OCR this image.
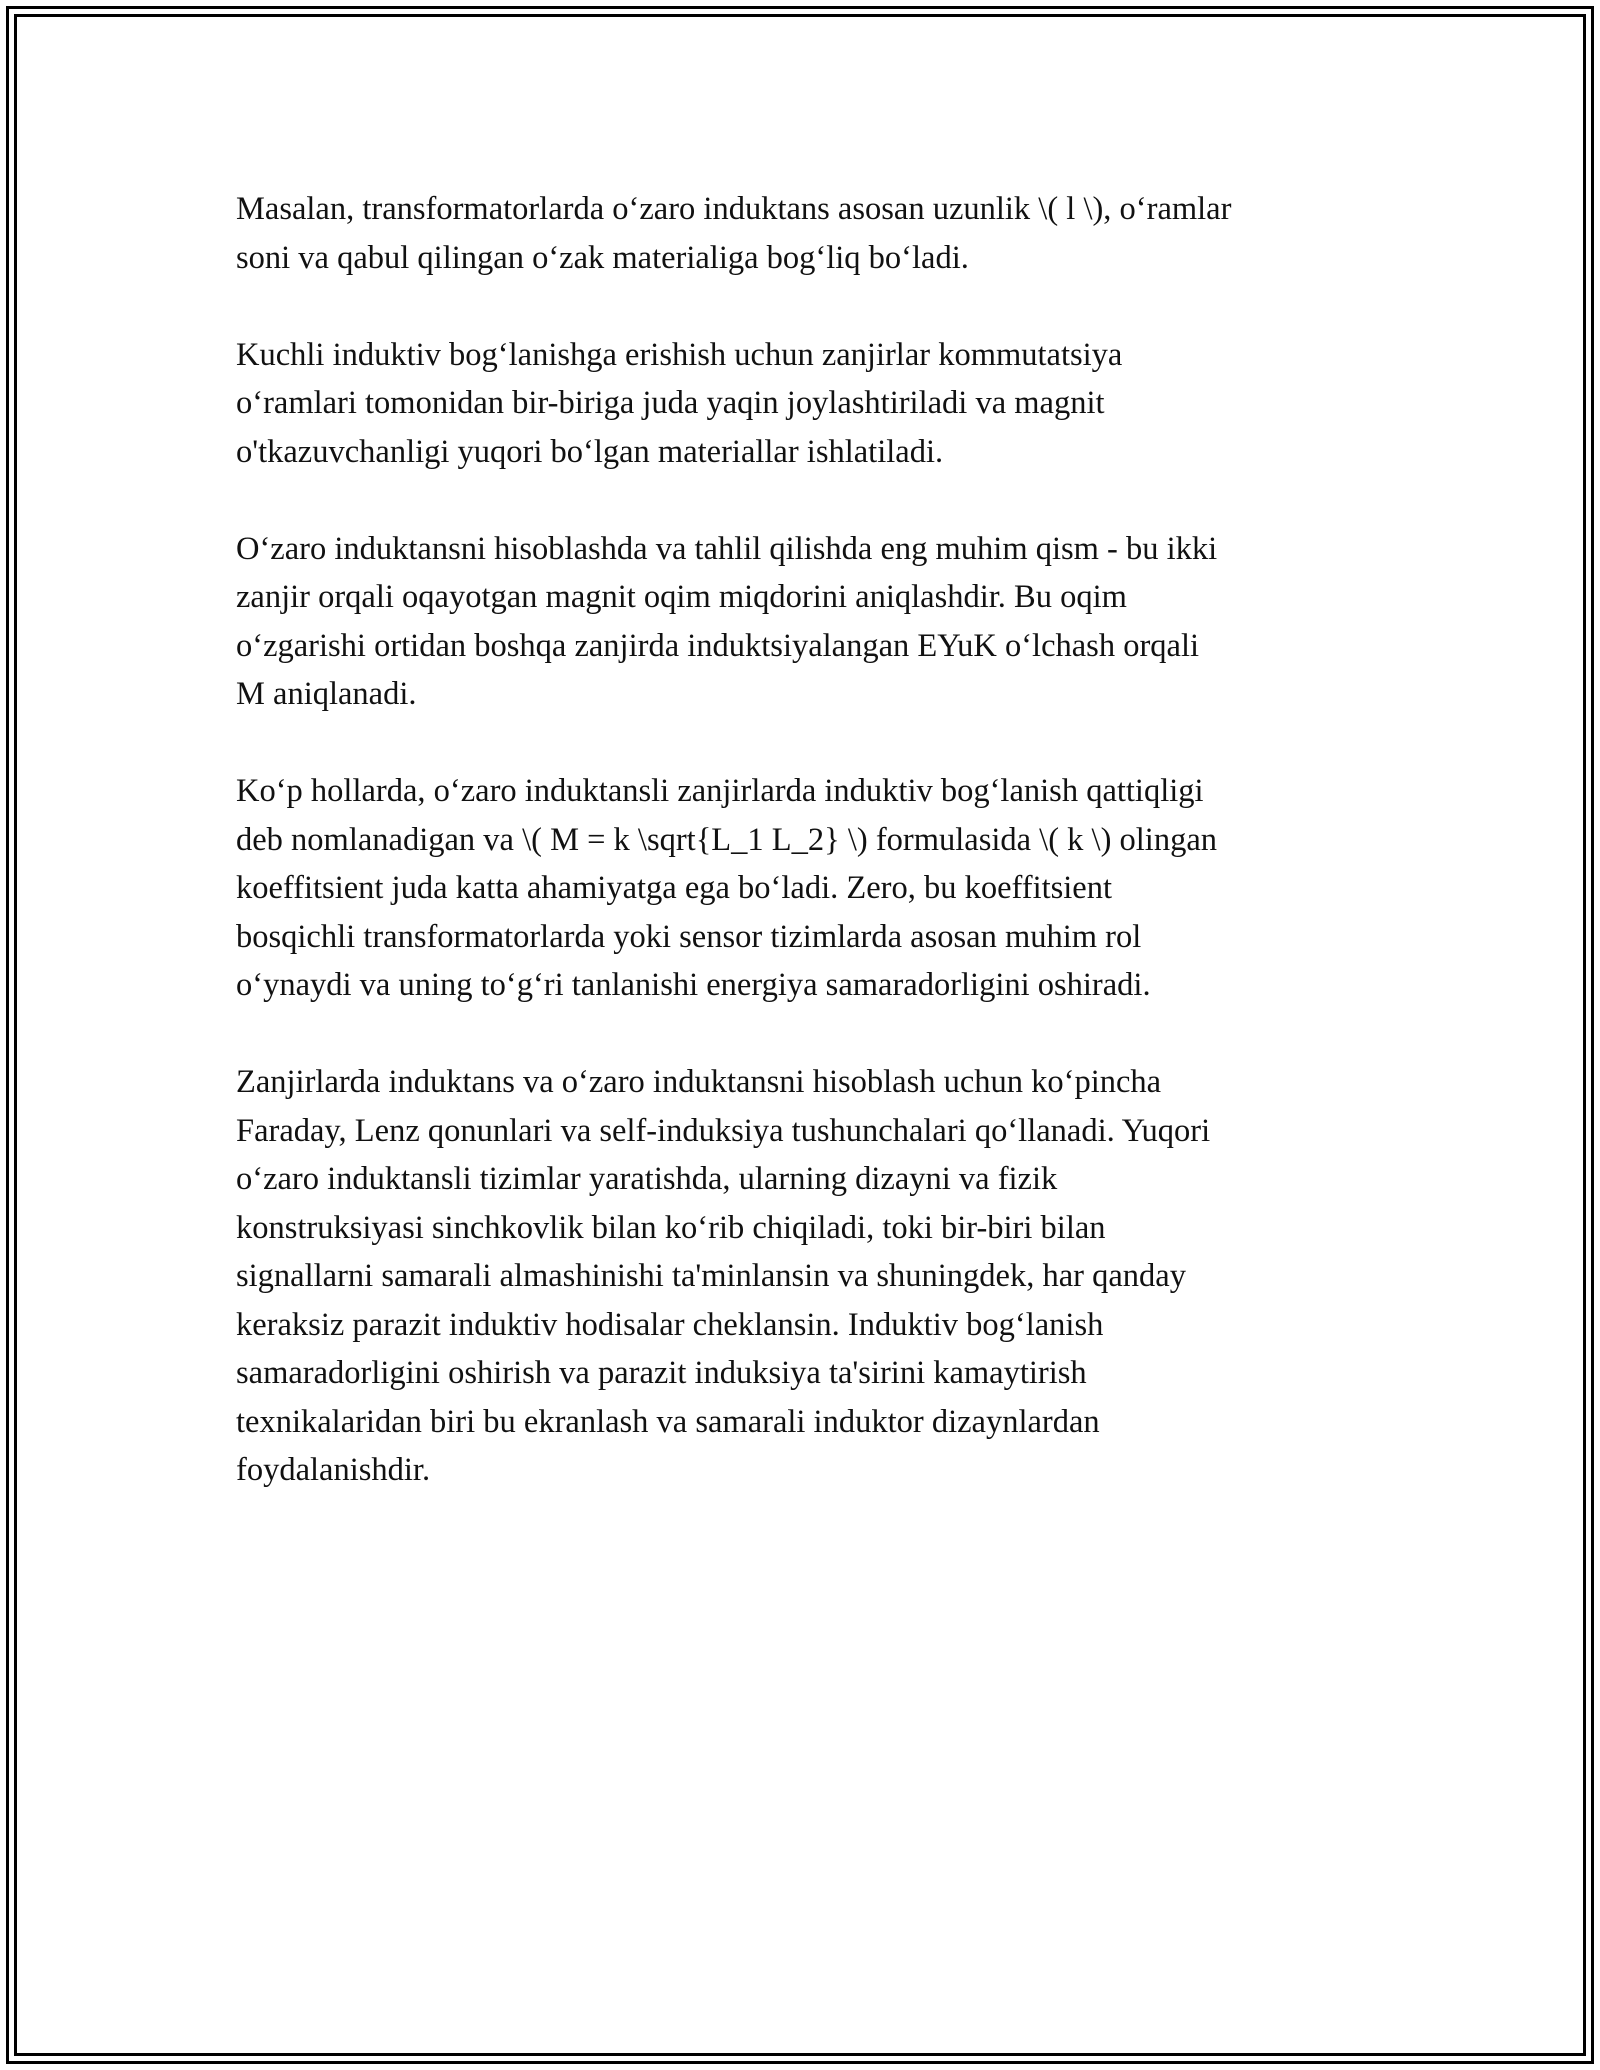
Masalan, transformatorlarda o‘zaro induktans asosan uzunlik \( l \), o‘ramlar
soni va qabul qilingan o‘zak materialiga bog‘liq bo‘ladi.

Kuchli induktiv bog‘lanishga erishish uchun zanjirlar kommutatsiya
o‘ramlari tomonidan bir-biriga juda yaqin joylashtiriladi va magnit
o'tkazuvchanligi yuqori bo‘lgan materiallar ishlatiladi.

O‘zaro induktansni hisoblashda va tahlil qilishda eng muhim qism - bu ikki
zanjir orqali oqayotgan magnit oqim miqdorini aniqlashdir. Bu oqim
o‘zgarishi ortidan boshqa zanjirda induktsiyalangan EYuK o‘lchash orqali
M aniqlanadi.

Ko‘p hollarda, o‘zaro induktansli zanjirlarda induktiv bog‘lanish qattiqligi
deb nomlanadigan va \( M = k \sqrt{L_1 L_2} \) formulasida \( k \) olingan
koeffitsient juda katta ahamiyatga ega bo‘ladi. Zero, bu koeffitsient
bosqichli transformatorlarda yoki sensor tizimlarda asosan muhim rol
o‘ynaydi va uning to‘g‘ri tanlanishi energiya samaradorligini oshiradi.

Zanjirlarda induktans va o‘zaro induktansni hisoblash uchun ko‘pincha
Faraday, Lenz qonunlari va self-induksiya tushunchalari qo‘llanadi. Yuqori
o‘zaro induktansli tizimlar yaratishda, ularning dizayni va fizik
konstruksiyasi sinchkovlik bilan ko‘rib chiqiladi, toki bir-biri bilan
signallarni samarali almashinishi ta'minlansin va shuningdek, har qanday
keraksiz parazit induktiv hodisalar cheklansin. Induktiv bog‘lanish
samaradorligini oshirish va parazit induksiya ta'sirini kamaytirish
texnikalaridan biri bu ekranlash va samarali induktor dizaynlardan
foydalanishdir.
